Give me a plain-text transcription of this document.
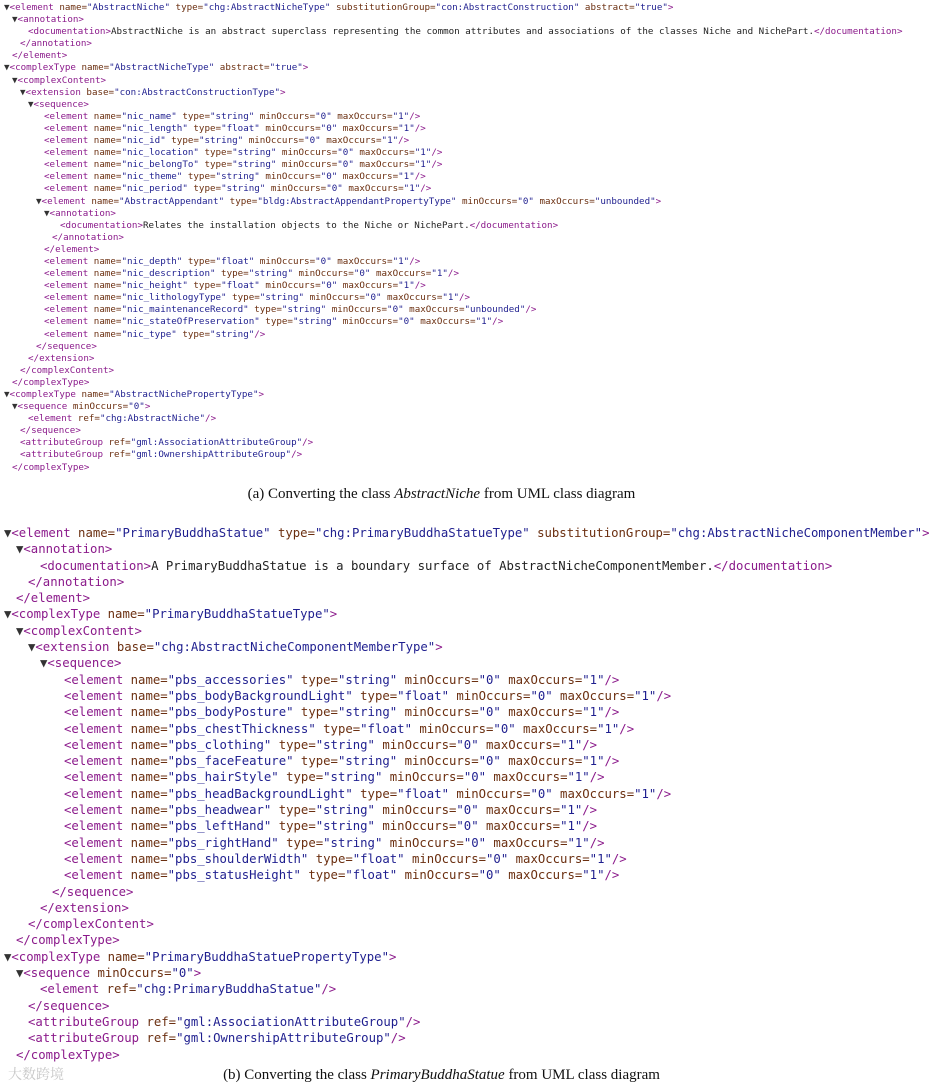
▼<element name="AbstractNiche" type="chg:AbstractNicheType" substitutionGroup="con:AbstractConstruction" abstract="true">
▼<annotation>
<documentation>AbstractNiche is an abstract superclass representing the common attributes and associations of the classes Niche and NichePart.</documentation>
</annotation>
</element>
▼<complexType name="AbstractNicheType" abstract="true">
▼<complexContent>
▼<extension base="con:AbstractConstructionType">
▼<sequence>
<element name="nic_name" type="string" minOccurs="0" maxOccurs="1"/>
<element name="nic_length" type="float" minOccurs="0" maxOccurs="1"/>
<element name="nic_id" type="string" minOccurs="0" maxOccurs="1"/>
<element name="nic_location" type="string" minOccurs="0" maxOccurs="1"/>
<element name="nic_belongTo" type="string" minOccurs="0" maxOccurs="1"/>
<element name="nic_theme" type="string" minOccurs="0" maxOccurs="1"/>
<element name="nic_period" type="string" minOccurs="0" maxOccurs="1"/>
▼<element name="AbstractAppendant" type="bldg:AbstractAppendantPropertyType" minOccurs="0" maxOccurs="unbounded">
▼<annotation>
<documentation>Relates the installation objects to the Niche or NichePart.</documentation>
</annotation>
</element>
<element name="nic_depth" type="float" minOccurs="0" maxOccurs="1"/>
<element name="nic_description" type="string" minOccurs="0" maxOccurs="1"/>
<element name="nic_height" type="float" minOccurs="0" maxOccurs="1"/>
<element name="nic_lithologyType" type="string" minOccurs="0" maxOccurs="1"/>
<element name="nic_maintenanceRecord" type="string" minOccurs="0" maxOccurs="unbounded"/>
<element name="nic_stateOfPreservation" type="string" minOccurs="0" maxOccurs="1"/>
<element name="nic_type" type="string"/>
</sequence>
</extension>
</complexContent>
</complexType>
▼<complexType name="AbstractNichePropertyType">
▼<sequence minOccurs="0">
<element ref="chg:AbstractNiche"/>
</sequence>
<attributeGroup ref="gml:AssociationAttributeGroup"/>
<attributeGroup ref="gml:OwnershipAttributeGroup"/>
</complexType>
(a) Converting the class AbstractNiche from UML class diagram
▼<element name="PrimaryBuddhaStatue" type="chg:PrimaryBuddhaStatueType" substitutionGroup="chg:AbstractNicheComponentMember">
▼<annotation>
<documentation>A PrimaryBuddhaStatue is a boundary surface of AbstractNicheComponentMember.</documentation>
</annotation>
</element>
▼<complexType name="PrimaryBuddhaStatueType">
▼<complexContent>
▼<extension base="chg:AbstractNicheComponentMemberType">
▼<sequence>
<element name="pbs_accessories" type="string" minOccurs="0" maxOccurs="1"/>
<element name="pbs_bodyBackgroundLight" type="float" minOccurs="0" maxOccurs="1"/>
<element name="pbs_bodyPosture" type="string" minOccurs="0" maxOccurs="1"/>
<element name="pbs_chestThickness" type="float" minOccurs="0" maxOccurs="1"/>
<element name="pbs_clothing" type="string" minOccurs="0" maxOccurs="1"/>
<element name="pbs_faceFeature" type="string" minOccurs="0" maxOccurs="1"/>
<element name="pbs_hairStyle" type="string" minOccurs="0" maxOccurs="1"/>
<element name="pbs_headBackgroundLight" type="float" minOccurs="0" maxOccurs="1"/>
<element name="pbs_headwear" type="string" minOccurs="0" maxOccurs="1"/>
<element name="pbs_leftHand" type="string" minOccurs="0" maxOccurs="1"/>
<element name="pbs_rightHand" type="string" minOccurs="0" maxOccurs="1"/>
<element name="pbs_shoulderWidth" type="float" minOccurs="0" maxOccurs="1"/>
<element name="pbs_statusHeight" type="float" minOccurs="0" maxOccurs="1"/>
</sequence>
</extension>
</complexContent>
</complexType>
▼<complexType name="PrimaryBuddhaStatuePropertyType">
▼<sequence minOccurs="0">
<element ref="chg:PrimaryBuddhaStatue"/>
</sequence>
<attributeGroup ref="gml:AssociationAttributeGroup"/>
<attributeGroup ref="gml:OwnershipAttributeGroup"/>
</complexType>
(b) Converting the class PrimaryBuddhaStatue from UML class diagram
大数跨境
